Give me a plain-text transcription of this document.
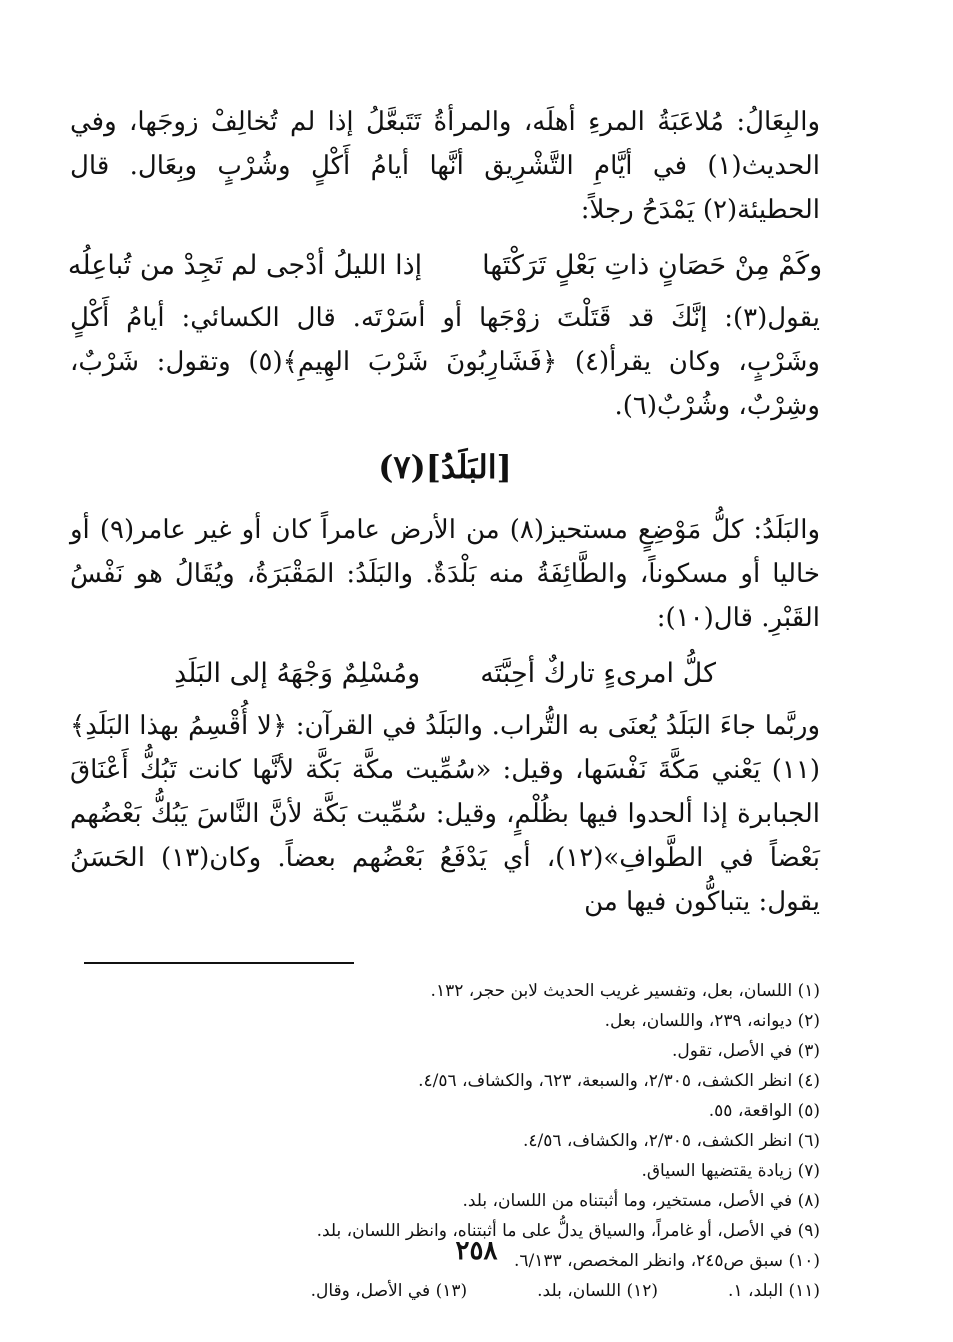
والبِعَالُ: مُلاعَبَةُ المرءِ أهلَه، والمرأةُ تَتَبعَّلُ إذا لم تُخالِفْ زوجَها، وفي الحديث(١) في أيَّامِ التَّشْرِيق أنَّها أيامُ أَكْلٍ وشُرْبٍ وبِعَال. قال الحطيئة(٢) يَمْدَحُ رجلاً:

وكَمْ مِنْ حَصَانٍ ذاتِ بَعْلٍ تَرَكْتَها
إذا الليلُ أدْجى لم تَجِدْ من تُباعِلُه

يقول(٣): إنَّكَ قد قَتَلْتَ زوْجَها أو أسَرْتَه. قال الكسائي: أيامُ أَكْلٍ وشَرْبٍ، وكان يقرأ(٤) ﴿فَشَارِبُونَ شَرْبَ الهِيمِ﴾(٥) وتقول: شَرْبٌ، وشِرْبٌ، وشُرْبٌ(٦).

[البَلَدُ](٧)

والبَلَدُ: كلُّ مَوْضِعٍ مستحيز(٨) من الأرض عامراً كان أو غير عامر(٩) أو خاليا أو مسكوناً، والطَّائِفَةُ منه بَلْدَةٌ. والبَلَدُ: المَقْبَرَةُ، ويُقَالُ هو نَفْسُ القَبْرِ. قال(١٠):

كلُّ امرىءٍ تاركٌ أحِبَّتَه
ومُسْلِمٌ وَجْهَهُ إلى البَلَدِ

وربَّما جاءَ البَلَدُ يُعنَى به التُّراب. والبَلَدُ في القرآن: ﴿لا أُقْسِمُ بهذا البَلَدِ﴾(١١) يَعْني مَكَّةَ نَفْسَها، وقيل: «سُمِّيت مكَّة بَكَّة لأنَّها كانت تَبُكُّ أَعْنَاقَ الجبابرة إذا ألحدوا فيها بظُلْمٍ، وقيل: سُمِّيت بَكَّة لأنَّ النَّاسَ يَبُكُّ بَعْضُهم بَعْضاً في الطَّوافِ»(١٢)، أي يَدْفَعُ بَعْضُهم بعضاً. وكان(١٣) الحَسَنُ يقول: يتباكُّون فيها من

(١) اللسان، بعل، وتفسير غريب الحديث لابن حجر، ١٣٢.
(٢) ديوانه، ٢٣٩، واللسان، بعل.
(٣) في الأصل، تقول.
(٤) انظر الكشف، ٢/٣٠٥، والسبعة، ٦٢٣، والكشاف، ٤/٥٦.
(٥) الواقعة، ٥٥.
(٦) انظر الكشف، ٢/٣٠٥، والكشاف، ٤/٥٦.
(٧) زيادة يقتضيها السياق.
(٨) في الأصل، مستخير، وما أثبتناه من اللسان، بلد.
(٩) في الأصل، أو غامراً، والسياق يدلُّ على ما أثبتناه، وانظر اللسان، بلد.
(١٠) سبق ص٢٤٥، وانظر المخصص، ٦/١٣٣.
(١١) البلد، ١.
(١٢) اللسان، بلد.
(١٣) في الأصل، وقال.
٢٥٨
